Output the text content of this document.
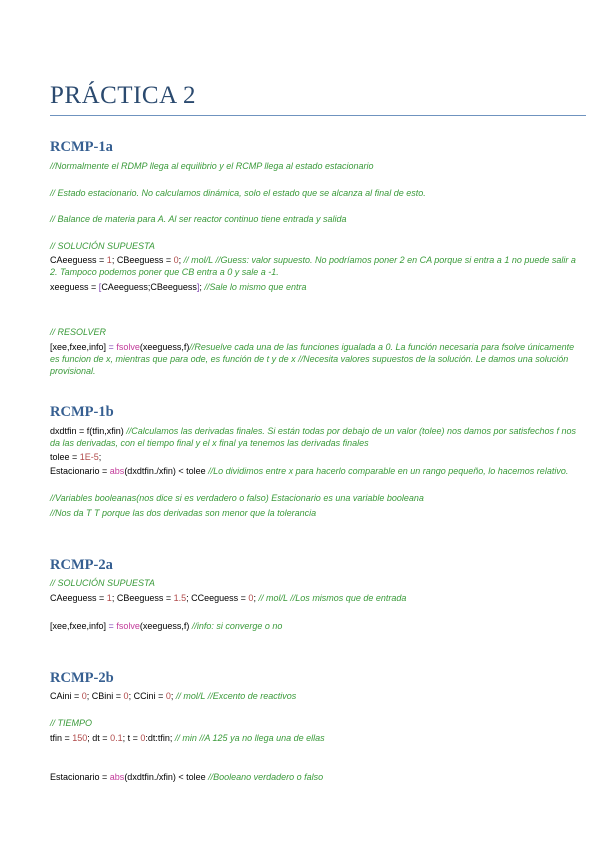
PRÁCTICA 2
RCMP-1a
//Normalmente el RDMP llega al equilibrio y el RCMP llega al estado estacionario
// Estado estacionario. No calculamos dinámica, solo el estado que se alcanza al final de esto.
// Balance de materia para A. Al ser reactor continuo tiene entrada y salida
// SOLUCIÓN SUPUESTA
CAeeguess = 1; CBeeguess = 0; // mol/L //Guess: valor supuesto. No podríamos poner 2 en CA porque si entra a 1 no puede salir a 2. Tampoco podemos poner que CB entra a 0 y sale a -1.
xeeguess = [CAeeguess;CBeeguess]; //Sale lo mismo que entra
// RESOLVER
[xee,fxee,info] = fsolve(xeeguess,f)//Resuelve cada una de las funciones igualada a 0. La función necesaria para fsolve únicamente es funcion de x, mientras que para ode, es función de t y de x //Necesita valores supuestos de la solución. Le damos una solución provisional.
RCMP-1b
dxdtfin = f(tfin,xfin) //Calculamos las derivadas finales. Si están todas por debajo de un valor (tolee) nos damos por satisfechos f nos da las derivadas, con el tiempo final y el x final ya tenemos las derivadas finales
tolee = 1E-5;
Estacionario = abs(dxdtfin./xfin) < tolee //Lo dividimos entre x para hacerlo comparable en un rango pequeño, lo hacemos relativo.
//Variables booleanas(nos dice si es verdadero o falso) Estacionario es una variable booleana
//Nos da T T porque las dos derivadas son menor que la tolerancia
RCMP-2a
// SOLUCIÓN SUPUESTA
CAeeguess = 1; CBeeguess = 1.5; CCeeguess = 0; // mol/L //Los mismos que de entrada
[xee,fxee,info] = fsolve(xeeguess,f) //info: si converge o no
RCMP-2b
CAini = 0; CBini = 0; CCini = 0; // mol/L //Excento de reactivos
// TIEMPO
tfin = 150; dt = 0.1; t = 0:dt:tfin; // min //A 125 ya no llega una de ellas
Estacionario = abs(dxdtfin./xfin) < tolee //Booleano verdadero o falso
